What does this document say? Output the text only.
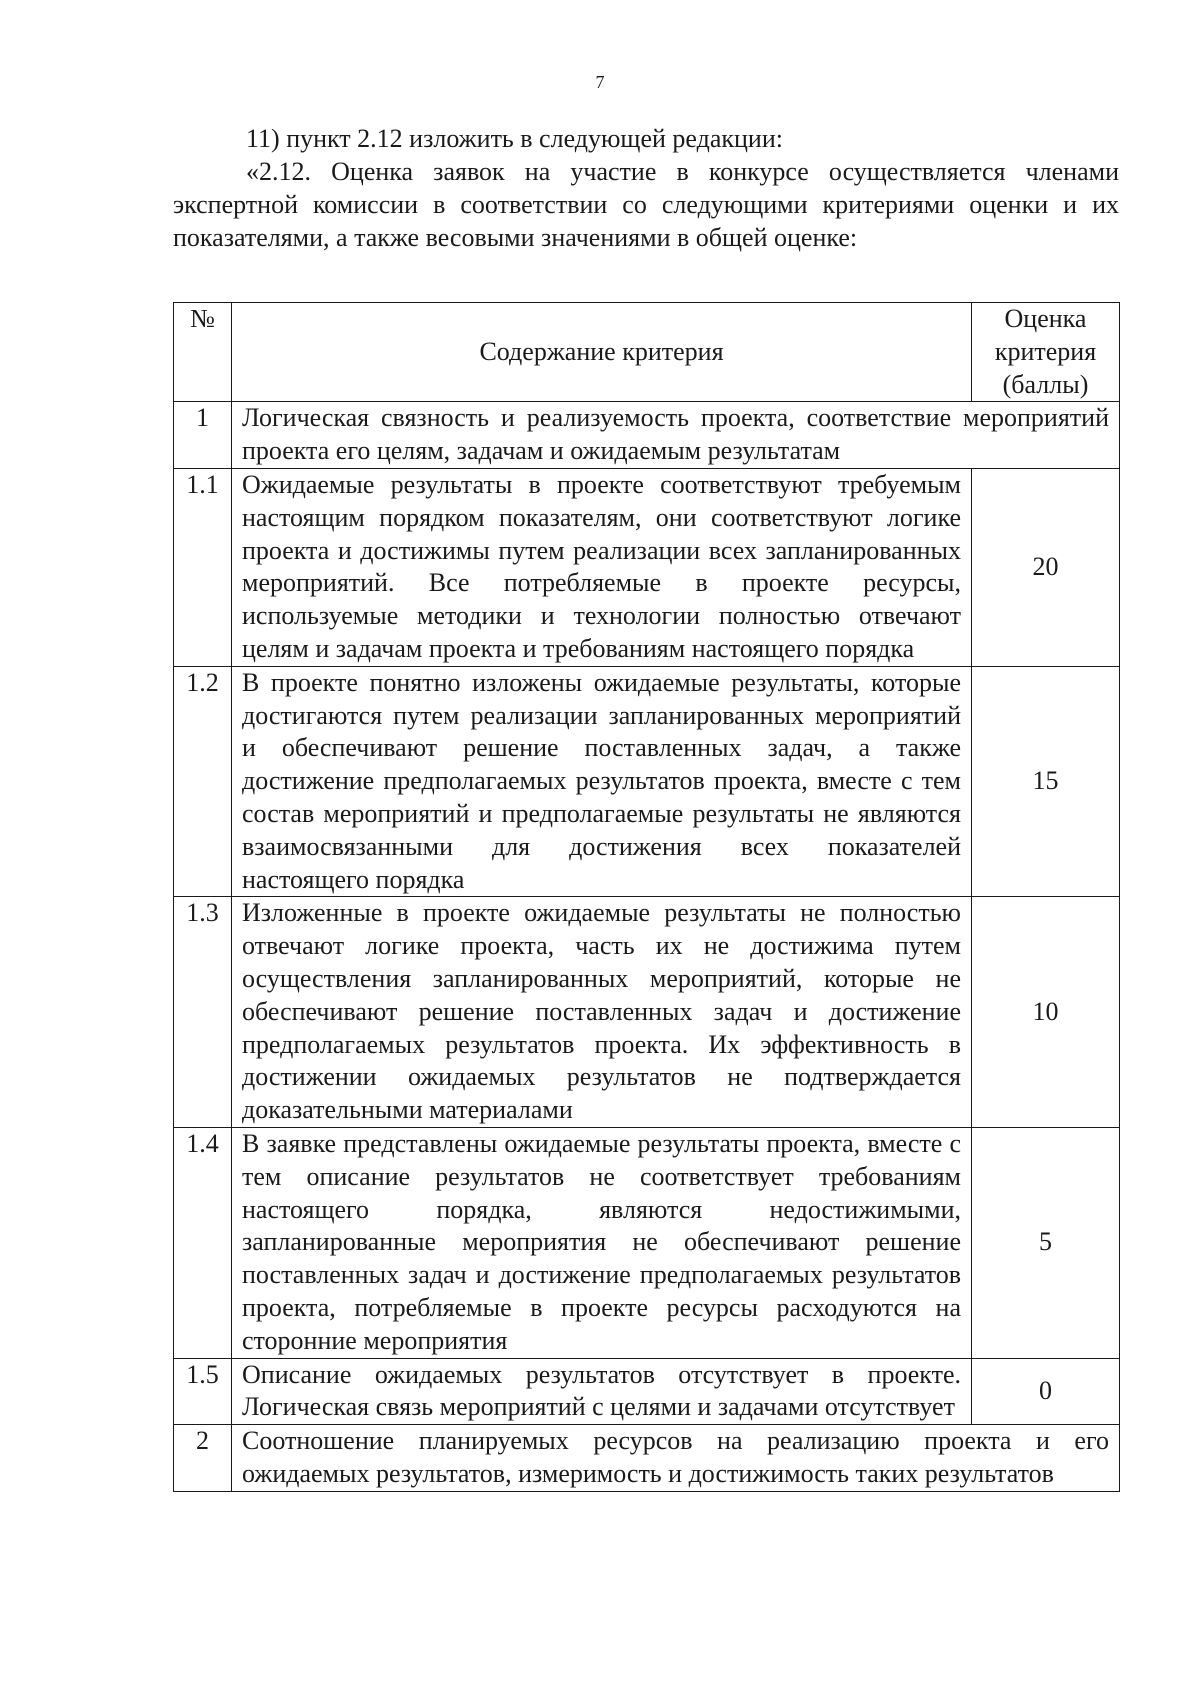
7

11) пункт 2.12 изложить в следующей редакции:

«2.12. Оценка заявок на участие в конкурсе осуществляется членами экспертной комиссии в соответствии со следующими критериями оценки и их показателями, а также весовыми значениями в общей оценке:

№	Содержание критерия	Оценка критерия (баллы)
1	Логическая связность и реализуемость проекта, соответствие мероприятий проекта его целям, задачам и ожидаемым результатам	
1.1	Ожидаемые результаты в проекте соответствуют требуемым настоящим порядком показателям, они соответствуют логике проекта и достижимы путем реализации всех запланированных мероприятий. Все потребляемые в проекте ресурсы, используемые методики и технологии полностью отвечают целям и задачам проекта и требованиям настоящего порядка	20
1.2	В проекте понятно изложены ожидаемые результаты, которые достигаются путем реализации запланированных мероприятий и обеспечивают решение поставленных задач, а также достижение предполагаемых результатов проекта, вместе с тем состав мероприятий и предполагаемые результаты не являются взаимосвязанными для достижения всех показателей настоящего порядка	15
1.3	Изложенные в проекте ожидаемые результаты не полностью отвечают логике проекта, часть их не достижима путем осуществления запланированных мероприятий, которые не обеспечивают решение поставленных задач и достижение предполагаемых результатов проекта. Их эффективность в достижении ожидаемых результатов не подтверждается доказательными материалами	10
1.4	В заявке представлены ожидаемые результаты проекта, вместе с тем описание результатов не соответствует требованиям настоящего порядка, являются недостижимыми, запланированные мероприятия не обеспечивают решение поставленных задач и достижение предполагаемых результатов проекта, потребляемые в проекте ресурсы расходуются на сторонние мероприятия	5
1.5	Описание ожидаемых результатов отсутствует в проекте. Логическая связь мероприятий с целями и задачами отсутствует	0
2	Соотношение планируемых ресурсов на реализацию проекта и его ожидаемых результатов, измеримость и достижимость таких результатов	
